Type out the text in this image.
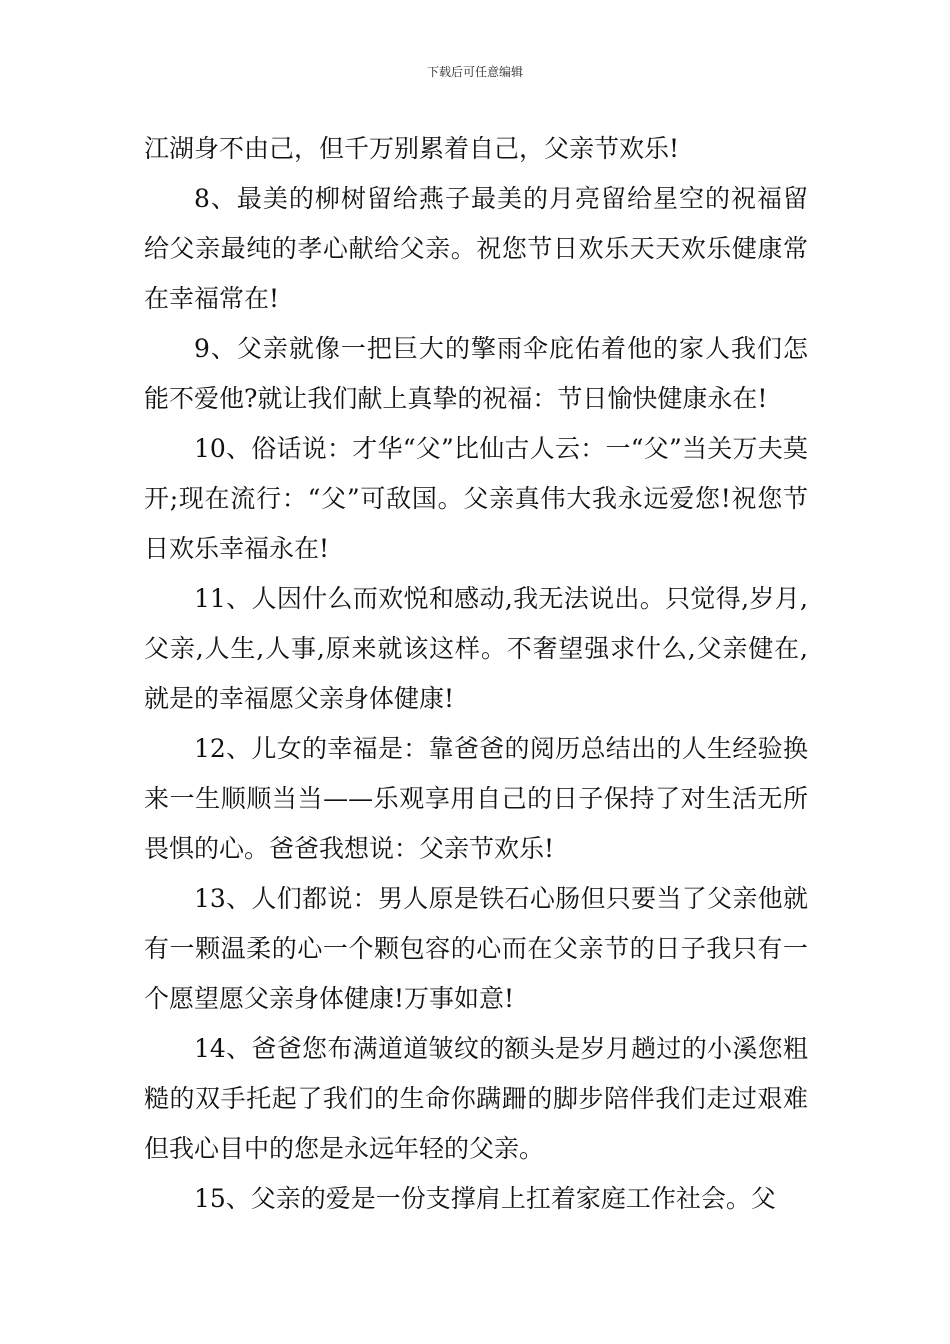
下载后可任意编辑

江湖身不由己，但千万别累着自己，父亲节欢乐!

8、最美的柳树留给燕子最美的月亮留给星空的祝福留给父亲最纯的孝心献给父亲。祝您节日欢乐天天欢乐健康常在幸福常在!

9、父亲就像一把巨大的擎雨伞庇佑着他的家人我们怎能不爱他?就让我们献上真挚的祝福：节日愉快健康永在!

10、俗话说：才华“父”比仙古人云：一“父”当关万夫莫开;现在流行：“父”可敌国。父亲真伟大我永远爱您!祝您节日欢乐幸福永在!

11、人因什么而欢悦和感动,我无法说出。只觉得,岁月,父亲,人生,人事,原来就该这样。不奢望强求什么,父亲健在,就是的幸福愿父亲身体健康!

12、儿女的幸福是：靠爸爸的阅历总结出的人生经验换来一生顺顺当当——乐观享用自己的日子保持了对生活无所畏惧的心。爸爸我想说：父亲节欢乐!

13、人们都说：男人原是铁石心肠但只要当了父亲他就有一颗温柔的心一个颗包容的心而在父亲节的日子我只有一个愿望愿父亲身体健康!万事如意!

14、爸爸您布满道道皱纹的额头是岁月趟过的小溪您粗糙的双手托起了我们的生命你蹒跚的脚步陪伴我们走过艰难但我心目中的您是永远年轻的父亲。

15、父亲的爱是一份支撑肩上扛着家庭工作社会。父
